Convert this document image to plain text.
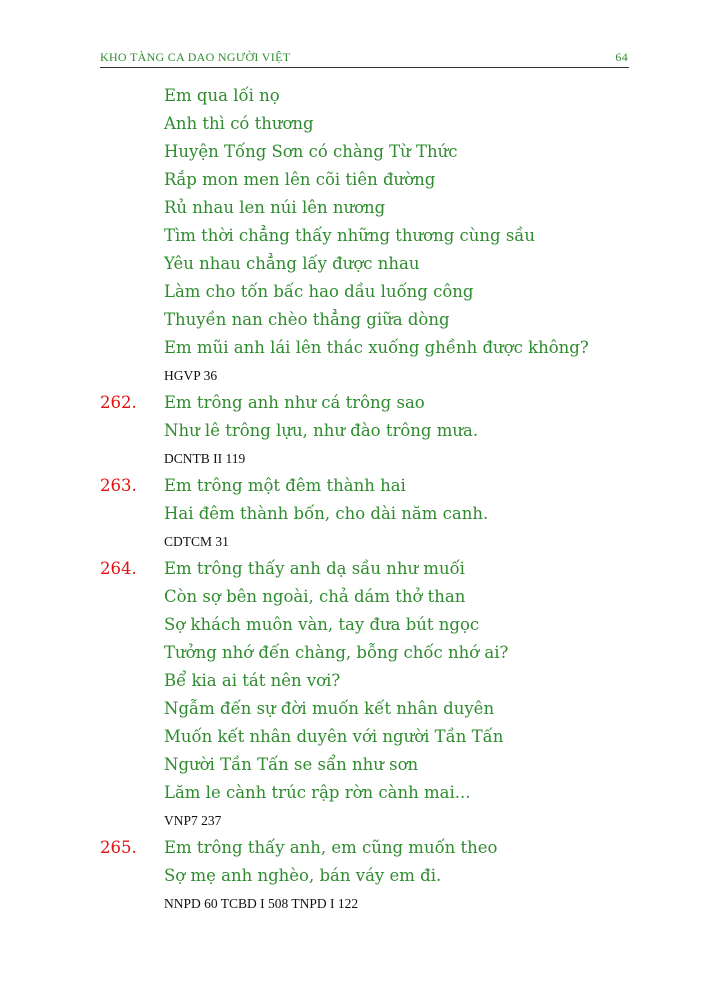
KHO TÀNG CA DAO NGƯỜI VIỆT	64
Em qua lối nọ
Anh thì có thương
Huyện Tống Sơn có chàng Từ Thức
Rắp mon men lên cõi tiên đường
Rủ nhau len núi lên nương
Tìm thời chẳng thấy những thương cùng sầu
Yêu nhau chẳng lấy được nhau
Làm cho tốn bấc hao dầu luống công
Thuyền nan chèo thẳng giữa dòng
Em mũi anh lái lên thác xuống ghềnh được không?
HGVP 36
262. Em trông anh như cá trông sao
Như lê trông lựu, như đào trông mưa.
DCNTB II 119
263. Em trông một đêm thành hai
Hai đêm thành bốn, cho dài năm canh.
CDTCM 31
264. Em trông thấy anh dạ sầu như muối
Còn sợ bên ngoài, chả dám thở than
Sợ khách muôn vàn, tay đưa bút ngọc
Tưởng nhớ đến chàng, bỗng chốc nhớ ai?
Bể kia ai tát nên vơi?
Ngẫm đến sự đời muốn kết nhân duyên
Muốn kết nhân duyên với người Tần Tấn
Người Tần Tấn se sẩn như sơn
Lăm le cành trúc rập rờn cành mai...
VNP7 237
265. Em trông thấy anh, em cũng muốn theo
Sợ mẹ anh nghèo, bán váy em đi.
NNPD 60 TCBD I 508 TNPD I 122
